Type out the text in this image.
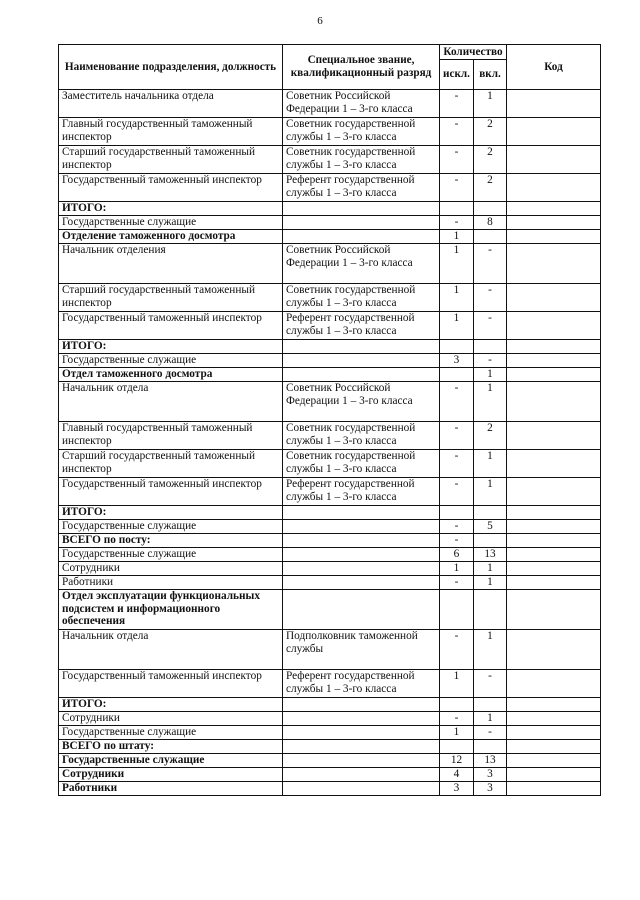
6
Наименование подразделения, должность	Специальное звание, квалификационный разряд	Количество		Код
		искл.	вкл.	
Заместитель начальника отдела	Советник Российской Федерации 1 – 3-го класса	-	1	
Главный государственный таможенный инспектор	Советник государственной службы 1 – 3-го класса	-	2	
Старший государственный таможенный инспектор	Советник государственной службы 1 – 3-го класса	-	2	
Государственный таможенный инспектор	Референт государственной службы 1 – 3-го класса	-	2	
ИТОГО:				
Государственные служащие		-	8	
Отделение таможенного досмотра		1		
Начальник отделения	Советник Российской Федерации 1 – 3-го класса	1	-	
Старший государственный таможенный инспектор	Советник государственной службы 1 – 3-го класса	1	-	
Государственный таможенный инспектор	Референт государственной службы 1 – 3-го класса	1	-	
ИТОГО:				
Государственные служащие		3	-	
Отдел таможенного досмотра			1	
Начальник отдела	Советник Российской Федерации 1 – 3-го класса	-	1	
Главный государственный таможенный инспектор	Советник государственной службы 1 – 3-го класса	-	2	
Старший государственный таможенный инспектор	Советник государственной службы 1 – 3-го класса	-	1	
Государственный таможенный инспектор	Референт государственной службы 1 – 3-го класса	-	1	
ИТОГО:				
Государственные служащие		-	5	
ВСЕГО по посту:		-		
Государственные служащие		6	13	
Сотрудники		1	1	
Работники		-	1	
Отдел эксплуатации функциональных подсистем и информационного обеспечения				
Начальник отдела	Подполковник таможенной службы	-	1	
Государственный таможенный инспектор	Референт государственной службы 1 – 3-го класса	1	-	
ИТОГО:				
Сотрудники		-	1	
Государственные служащие		1	-	
ВСЕГО по штату:				
Государственные служащие		12	13	
Сотрудники		4	3	
Работники		3	3	
